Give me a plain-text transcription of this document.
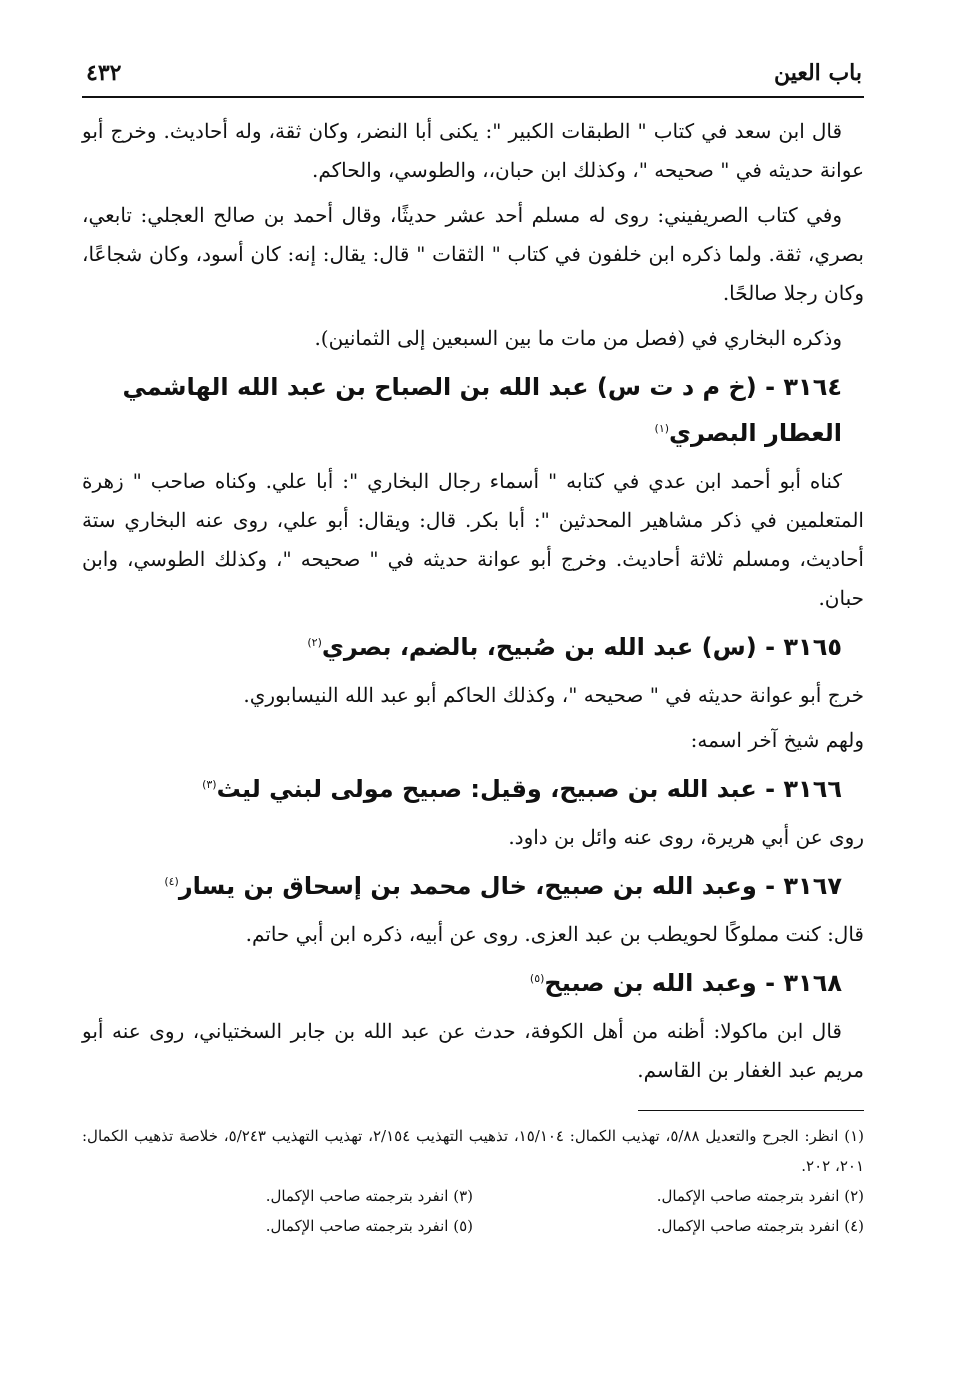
باب العين
٤٣٢

قال ابن سعد في كتاب " الطبقات الكبير ": يكنى أبا النضر، وكان ثقة، وله أحاديث. وخرج أبو عوانة حديثه في " صحيحه "، وكذلك ابن حبان،، والطوسي، والحاكم.

وفي كتاب الصريفيني: روى له مسلم أحد عشر حديثًا، وقال أحمد بن صالح العجلي: تابعي، بصري، ثقة. ولما ذكره ابن خلفون في كتاب " الثقات " قال: يقال: إنه: كان أسود، وكان شجاعًا، وكان رجلا صالحًا.

وذكره البخاري في (فصل من مات ما بين السبعين إلى الثمانين).

٣١٦٤ - (خ م د ت س) عبد الله بن الصباح بن عبد الله الهاشمي العطار البصري$^{(١)}$

كناه أبو أحمد ابن عدي في كتابه " أسماء رجال البخاري ": أبا علي. وكناه صاحب " زهرة المتعلمين في ذكر مشاهير المحدثين ": أبا بكر. قال: ويقال: أبو علي، روى عنه البخاري ستة أحاديث، ومسلم ثلاثة أحاديث. وخرج أبو عوانة حديثه في " صحيحه "، وكذلك الطوسي، وابن حبان.

٣١٦٥ - (س) عبد الله بن صُبيح، بالضم، بصري$^{(٢)}$

خرج أبو عوانة حديثه في " صحيحه "، وكذلك الحاكم أبو عبد الله النيسابوري.

ولهم شيخ آخر اسمه:

٣١٦٦ - عبد الله بن صبيح، وقيل: صبيح مولى لبني ليث$^{(٣)}$

روى عن أبي هريرة، روى عنه وائل بن داود.

٣١٦٧ - وعبد الله بن صبيح، خال محمد بن إسحاق بن يسار$^{(٤)}$

قال: كنت مملوكًا لحويطب بن عبد العزى. روى عن أبيه، ذكره ابن أبي حاتم.

٣١٦٨ - وعبد الله بن صبيح$^{(٥)}$

قال ابن ماكولا: أظنه من أهل الكوفة، حدث عن عبد الله بن جابر السختياني، روى عنه أبو مريم عبد الغفار بن القاسم.

(١) انظر: الجرح والتعديل ٥/٨٨، تهذيب الكمال: ١٥/١٠٤، تذهيب التهذيب ٢/١٥٤، تهذيب التهذيب ٥/٢٤٣، خلاصة تذهيب الكمال: ٢٠١، ٢٠٢.
(٢) انفرد بترجمته صاحب الإكمال.
(٣) انفرد بترجمته صاحب الإكمال.
(٤) انفرد بترجمته صاحب الإكمال.
(٥) انفرد بترجمته صاحب الإكمال.
